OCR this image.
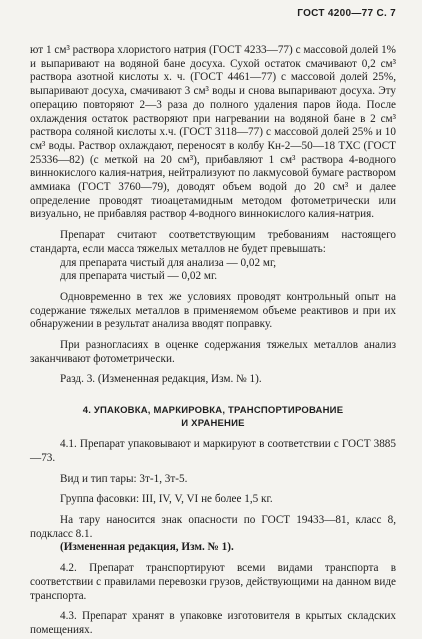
ГОСТ 4200—77 С. 7

ют 1 см³ раствора хлористого натрия (ГОСТ 4233—77) с массовой долей 1% и выпаривают на водяной бане досуха. Сухой остаток смачивают 0,2 см³ раствора азотной кислоты х. ч. (ГОСТ 4461—77) с массовой долей 25%, выпаривают досуха, смачивают 3 см³ воды и снова выпаривают досуха. Эту операцию повторяют 2—3 раза до полного удаления паров йода. После охлаждения остаток растворяют при нагревании на водяной бане в 2 см³ раствора соляной кислоты х.ч. (ГОСТ 3118—77) с массовой долей 25% и 10 см³ воды. Раствор охлаждают, переносят в колбу Кн-2—50—18 ТХС (ГОСТ 25336—82) (с меткой на 20 см³), прибавляют 1 см³ раствора 4-водного виннокислого калия-натрия, нейтрализуют по лакмусовой бумаге раствором аммиака (ГОСТ 3760—79), доводят объем водой до 20 см³ и далее определение проводят тиоацетамидным методом фотометрически или визуально, не прибавляя раствор 4-водного виннокислого калия-натрия.

Препарат считают соответствующим требованиям настоящего стандарта, если масса тяжелых металлов не будет превышать:

для препарата чистый для анализа — 0,02 мг,

для препарата чистый — 0,02 мг.

Одновременно в тех же условиях проводят контрольный опыт на содержание тяжелых металлов в применяемом объеме реактивов и при их обнаружении в результат анализа вводят поправку.

При разногласиях в оценке содержания тяжелых металлов анализ заканчивают фотометрически.

Разд. 3. (Измененная редакция, Изм. № 1).

4. УПАКОВКА, МАРКИРОВКА, ТРАНСПОРТИРОВАНИЕ
И ХРАНЕНИЕ

4.1. Препарат упаковывают и маркируют в соответствии с ГОСТ 3885—73.

Вид и тип тары: 3т-1, 3т-5.

Группа фасовки: III, IV, V, VI не более 1,5 кг.

На тару наносится знак опасности по ГОСТ 19433—81, класс 8, подкласс 8.1.

(Измененная редакция, Изм. № 1).

4.2. Препарат транспортируют всеми видами транспорта в соответствии с правилами перевозки грузов, действующими на данном виде транспорта.

4.3. Препарат хранят в упаковке изготовителя в крытых складских помещениях.
